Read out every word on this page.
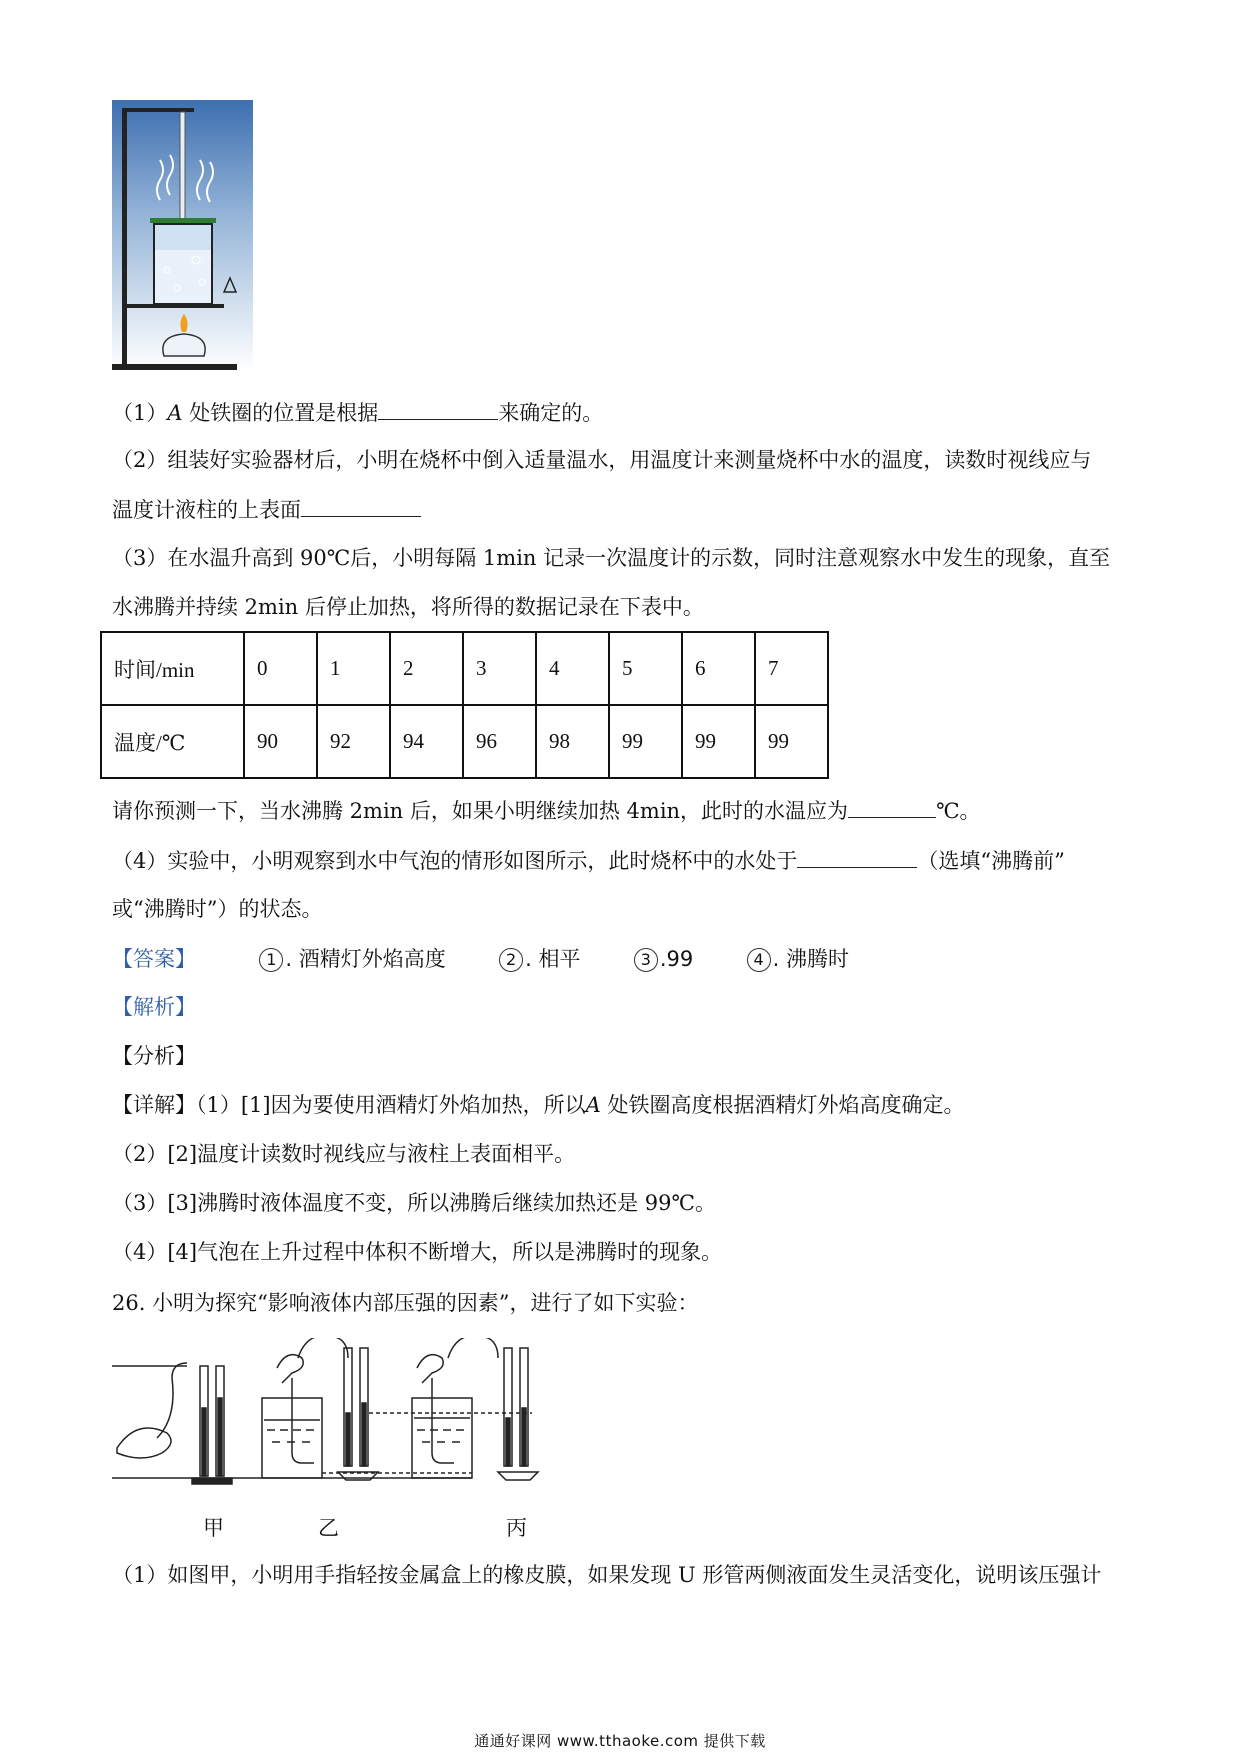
（1）A 处铁圈的位置是根据	来确定的。
（2）组装好实验器材后，小明在烧杯中倒入适量温水，用温度计来测量烧杯中水的温度，读数时视线应与
温度计液柱的上表面
（3）在水温升高到 90℃后，小明每隔 1min 记录一次温度计的示数，同时注意观察水中发生的现象，直至
水沸腾并持续 2min 后停止加热，将所得的数据记录在下表中。
时间/min	0	1	2	3	4	5	6	7
温度/℃	90	92	94	96	98	99	99	99
请你预测一下，当水沸腾 2min 后，如果小明继续加热 4min，此时的水温应为	℃。
（4）实验中，小明观察到水中气泡的情形如图所示，此时烧杯中的水处于	（选填“沸腾前”
或“沸腾时”）的状态。
【答案】	1 . 酒精灯外焰高度	2 . 相平	3 .99	4 . 沸腾时
【解析】
【分析】
【详解】（1）[1]因为要使用酒精灯外焰加热，所以A 处铁圈高度根据酒精灯外焰高度确定。
（2）[2]温度计读数时视线应与液柱上表面相平。
（3）[3]沸腾时液体温度不变，所以沸腾后继续加热还是 99℃。
（4）[4]气泡在上升过程中体积不断增大，所以是沸腾时的现象。
26. 小明为探究“影响液体内部压强的因素”，进行了如下实验：
甲	乙	丙
（1）如图甲，小明用手指轻按金属盒上的橡皮膜，如果发现 U 形管两侧液面发生灵活变化，说明该压强计
通通好课网 www.tthaoke.com 提供下载
